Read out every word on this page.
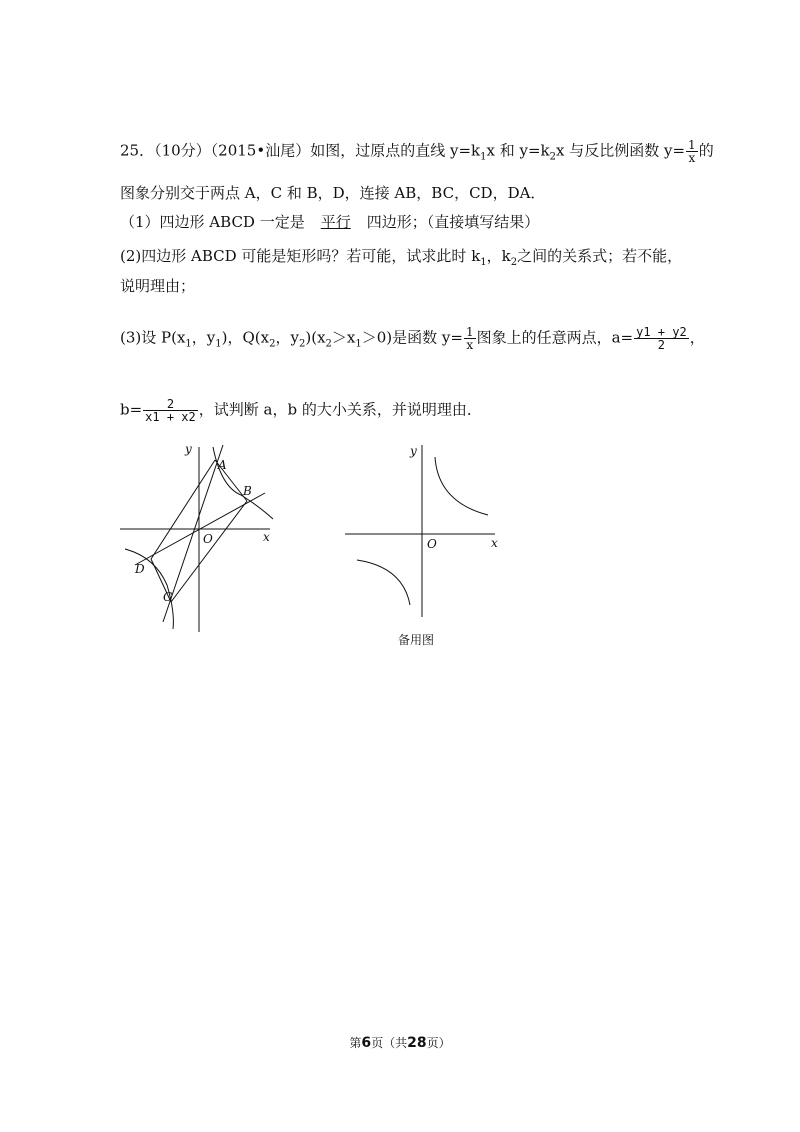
25．（10分）（2015•汕尾）如图，过原点的直线 $y=k_1x$ 和 $y=k_2x$ 与反比例函数 $y= \frac{1}{x}$ 的
图象分别交于两点 A，C 和 B，D，连接 AB，BC，CD，DA．
（1）四边形 ABCD 一定是 平行 四边形；（直接填写结果）
(2)四边形 ABCD 可能是矩形吗？若可能，试求此时 $k_1$，$k_2$之间的关系式；若不能，
说明理由；
(3)设 $P(x_1$，$y_1$)，$Q(x_2$，$y_2)(x_2>x_1>0)$是函数 $y= \frac{1}{x}$ 图象上的任意两点，$a= \frac{y1 + y2}{2}$ ，
$b= \frac{2}{x1 + x2}$ ，试判断 a，b 的大小关系，并说明理由．
y
x
O
A
B
C
D
y
x
O
备用图
第6页（共28页）
